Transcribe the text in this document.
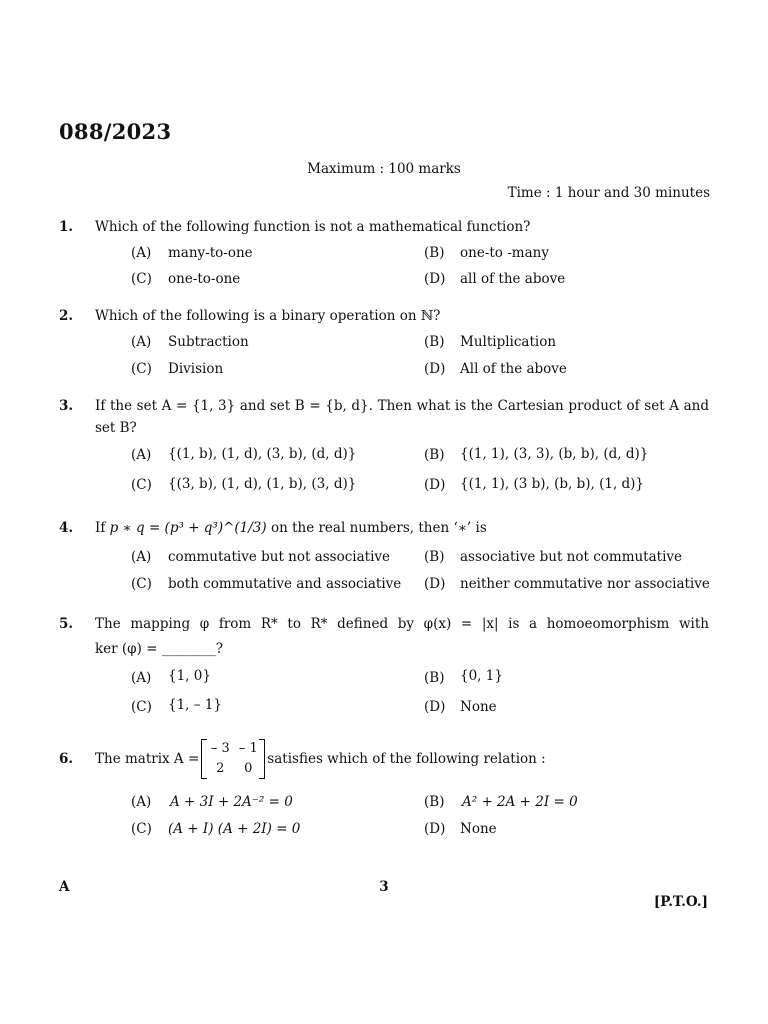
088/2023
Maximum : 100 marks
Time : 1 hour and 30 minutes
1. Which of the following function is not a mathematical function?
(A) many-to-one	(B) one-to -many
(C) one-to-one	(D) all of the above
2. Which of the following is a binary operation on ℕ?
(A) Subtraction	(B) Multiplication
(C) Division	(D) All of the above
3. If the set A = {1, 3} and set B = {b, d}. Then what is the Cartesian product of set A and
set B?
(A) {(1, b), (1, d), (3, b), (d, d)}	(B) {(1, 1), (3, 3), (b, b), (d, d)}
(C) {(3, b), (1, d), (1, b), (3, d)}	(D) {(1, 1), (3 b), (b, b), (1, d)}
4. If p ∗ q = (p³ + q³)^(1/3) on the real numbers, then ‘∗’ is
(A) commutative but not associative	(B) associative but not commutative
(C) both commutative and associative (D) neither commutative nor associative
5. The mapping φ from R* to R* defined by φ(x) = |x| is a homoeomorphism with
ker (φ) = ________?
(A) {1, 0}	(B) {0, 1}
(C) {1, – 1}	(D) None
6. The matrix A =
– 3 – 1
2	0
satisfies which of the following relation :
(A) A + 3I + 2A⁻² = 0	(B) A² + 2A + 2I = 0
(C) (A + I) (A + 2I) = 0	(D) None
A	3
[P.T.O.]
